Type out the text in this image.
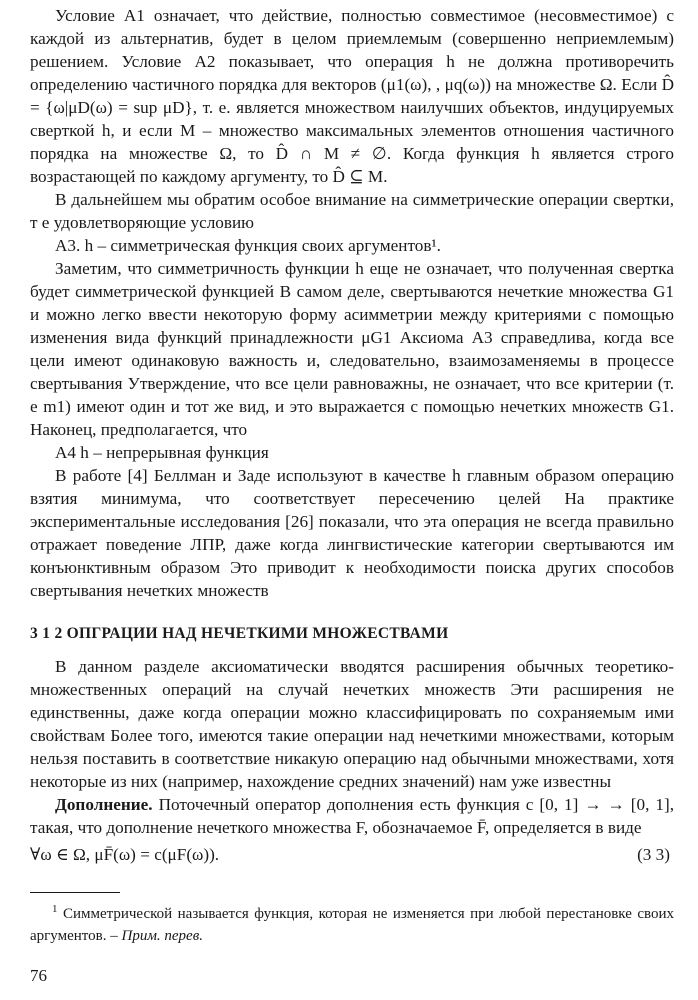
Условие А1 означает, что действие, полностью совместимое (несовместимое) с каждой из альтернатив, будет в целом приемлемым (совершенно неприемлемым) решением. Условие А2 показывает, что операция h не должна противоречить определению частичного порядка для векторов (μ1(ω), , μq(ω)) на множестве Ω. Если D̂ = {ω|μD(ω) = sup μD}, т. е. является множеством наилучших объектов, индуцируемых сверткой h, и если M – множество максимальных элементов отношения частичного порядка на множестве Ω, то D̂ ∩ M ≠ ∅. Когда функция h является строго возрастающей по каждому аргументу, то D̂ ⊆ M.

В дальнейшем мы обратим особое внимание на симметрические операции свертки, т е удовлетворяющие условию

А3. h – симметрическая функция своих аргументов¹.

Заметим, что симметричность функции h еще не означает, что полученная свертка будет симметрической функцией В самом деле, свертываются нечеткие множества G1 и можно легко ввести некоторую форму асимметрии между критериями с помощью изменения вида функций принадлежности μG1 Аксиома А3 справедлива, когда все цели имеют одинаковую важность и, следовательно, взаимозаменяемы в процессе свертывания Утверждение, что все цели равноважны, не означает, что все критерии (т. е m1) имеют один и тот же вид, и это выражается с помощью нечетких множеств G1. Наконец, предполагается, что

А4 h – непрерывная функция

В работе [4] Беллман и Заде используют в качестве h главным образом операцию взятия минимума, что соответствует пересечению целей На практике экспериментальные исследования [26] показали, что эта операция не всегда правильно отражает поведение ЛПР, даже когда лингвистические категории свертываются им конъюнктивным образом Это приводит к необходимости поиска других способов свертывания нечетких множеств

3 1 2 ОПГРАЦИИ НАД НЕЧЕТКИМИ МНОЖЕСТВАМИ

В данном разделе аксиоматически вводятся расширения обычных теоретико-множественных операций на случай нечетких множеств Эти расширения не единственны, даже когда операции можно классифицировать по сохраняемым ими свойствам Более того, имеются такие операции над нечеткими множествами, которым нельзя поставить в соответствие никакую операцию над обычными множествами, хотя некоторые из них (например, нахождение средних значений) нам уже известны

Дополнение. Поточечный оператор дополнения есть функция с [0, 1] → → [0, 1], такая, что дополнение нечеткого множества F, обозначаемое F̄, определяется в виде

∀ω ∈ Ω, μF̄(ω) = c(μF(ω)).	(3 3)

$^1$ Симметрической называется функция, которая не изменяется при любой перестановке своих аргументов. – Прим. перев.

76
